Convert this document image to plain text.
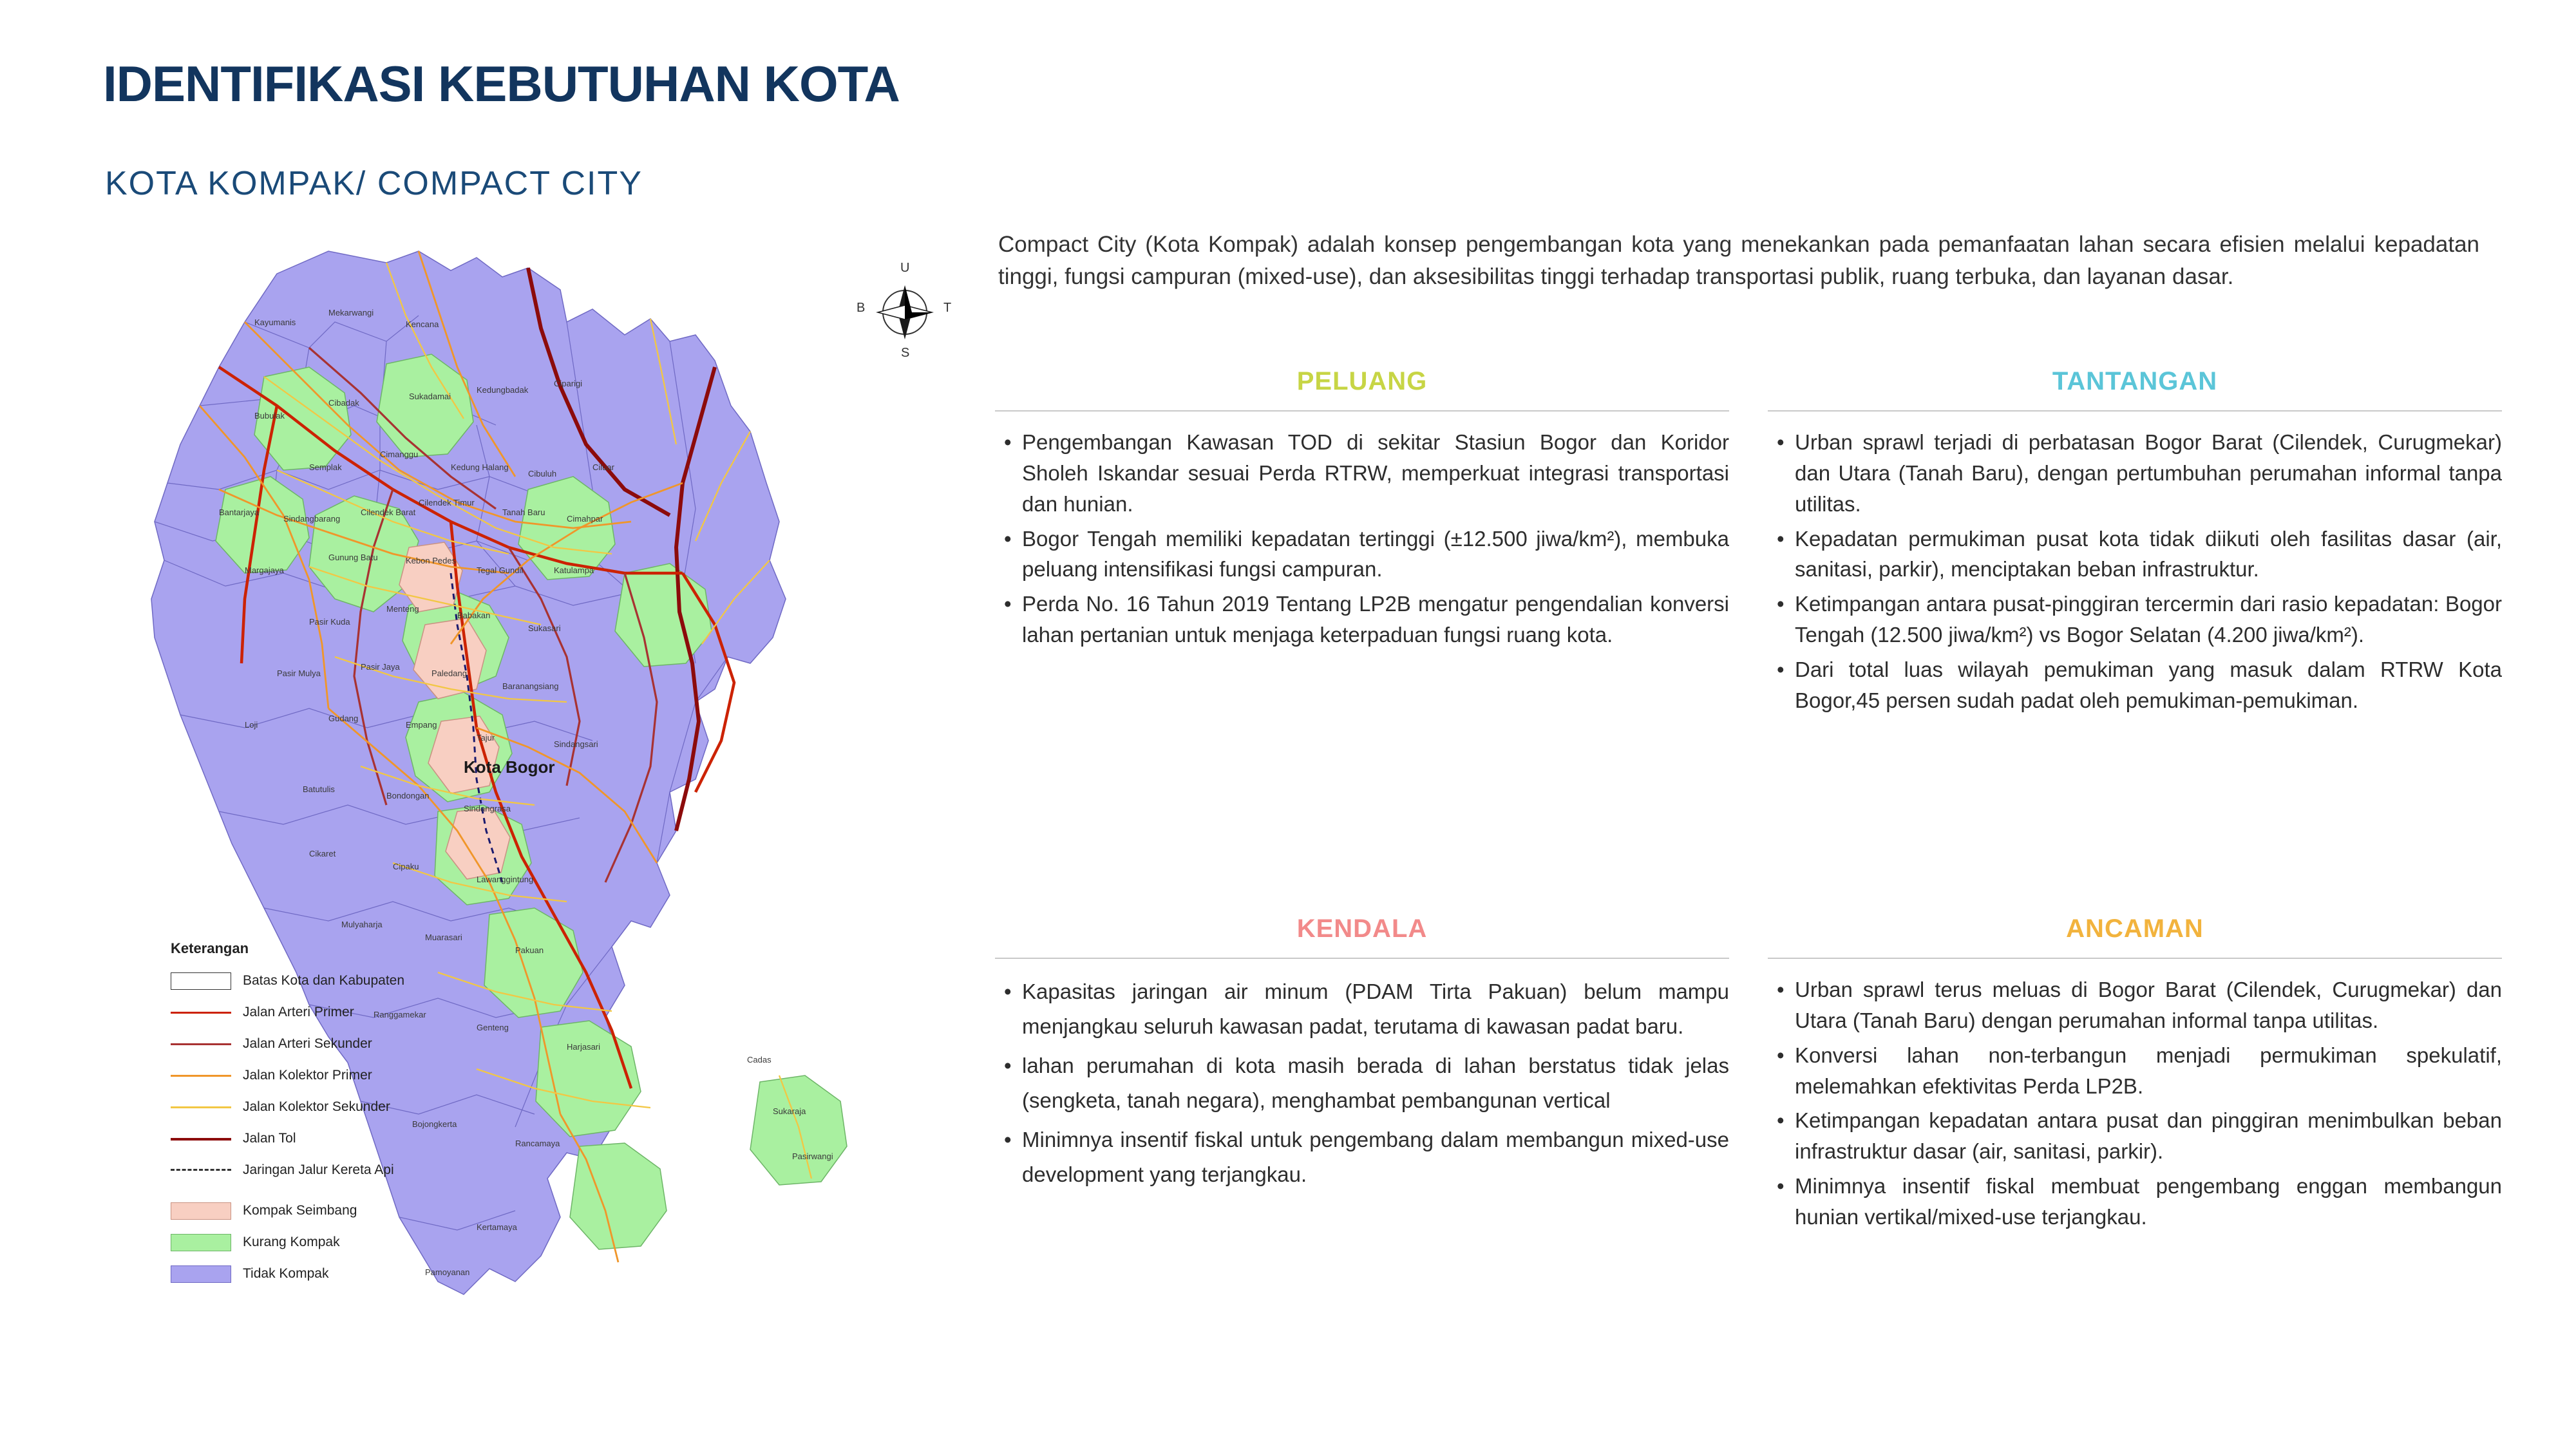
IDENTIFIKASI KEBUTUHAN KOTA
KOTA KOMPAK/ COMPACT CITY
Kota Bogor
Kayumanis
Mekarwangi
Kencana
Bubulak
Cibadak
Sukadamai
Kedungbadak
Ciparigi
Semplak
Cimanggu
Kedung Halang
Cibuluh
Ciluar
Bantarjaya
Sindangbarang
Cilendek Barat
Cilendek Timur
Tanah Baru
Cimahpar
Margajaya
Gunung Batu	Kebon Pedes
Tegal Gundil	Katulampa
Pasir Kuda
Menteng
Babakan
Sukasari
Pasir Mulya
Pasir Jaya
Paledang
Baranangsiang
Loji
Gudang
Empang
Tajur
Sindangsari
Batutulis
Bondongan
Sindangrasa
Cikaret
Cipaku
Lawanggintung
Mulyaharja
Muarasari
Pakuan
Ranggamekar
Genteng
Harjasari
Bojongkerta
Rancamaya
Kertamaya
Pamoyanan
Sukaraja
Pasirwangi
Cadas
U
S
B	T
Keterangan
Batas Kota dan Kabupaten
Jalan Arteri Primer
Jalan Arteri Sekunder
Jalan Kolektor Primer
Jalan Kolektor Sekunder
Jalan Tol
Jaringan Jalur Kereta Api
Kompak Seimbang
Kurang Kompak
Tidak Kompak
Compact City (Kota Kompak) adalah konsep pengembangan kota yang menekankan pada pemanfaatan lahan secara efisien melalui kepadatan tinggi, fungsi campuran (mixed-use), dan aksesibilitas tinggi terhadap transportasi publik, ruang terbuka, dan layanan dasar.
PELUANG
• Pengembangan Kawasan TOD di sekitar Stasiun Bogor dan Koridor Sholeh Iskandar sesuai Perda RTRW, memperkuat integrasi transportasi dan hunian.
• Bogor Tengah memiliki kepadatan tertinggi (±12.500 jiwa/km²), membuka peluang intensifikasi fungsi campuran.
• Perda No. 16 Tahun 2019 Tentang LP2B mengatur pengendalian konversi lahan pertanian untuk menjaga keterpaduan fungsi ruang kota.
TANTANGAN
• Urban sprawl terjadi di perbatasan Bogor Barat (Cilendek, Curugmekar) dan Utara (Tanah Baru), dengan pertumbuhan perumahan informal tanpa utilitas.
• Kepadatan permukiman pusat kota tidak diikuti oleh fasilitas dasar (air, sanitasi, parkir), menciptakan beban infrastruktur.
• Ketimpangan antara pusat-pinggiran tercermin dari rasio kepadatan: Bogor Tengah (12.500 jiwa/km²) vs Bogor Selatan (4.200 jiwa/km²).
• Dari total luas wilayah pemukiman yang masuk dalam RTRW Kota Bogor,45 persen sudah padat oleh pemukiman-pemukiman.
KENDALA
• Kapasitas jaringan air minum (PDAM Tirta Pakuan) belum mampu menjangkau seluruh kawasan padat, terutama di kawasan padat baru.
• lahan perumahan di kota masih berada di lahan berstatus tidak jelas (sengketa, tanah negara), menghambat pembangunan vertical
• Minimnya insentif fiskal untuk pengembang dalam membangun mixed-use development yang terjangkau.
ANCAMAN
• Urban sprawl terus meluas di Bogor Barat (Cilendek, Curugmekar) dan Utara (Tanah Baru) dengan perumahan informal tanpa utilitas.
• Konversi lahan non-terbangun menjadi permukiman spekulatif, melemahkan efektivitas Perda LP2B.
• Ketimpangan kepadatan antara pusat dan pinggiran menimbulkan beban infrastruktur dasar (air, sanitasi, parkir).
• Minimnya insentif fiskal membuat pengembang enggan membangun hunian vertikal/mixed-use terjangkau.
